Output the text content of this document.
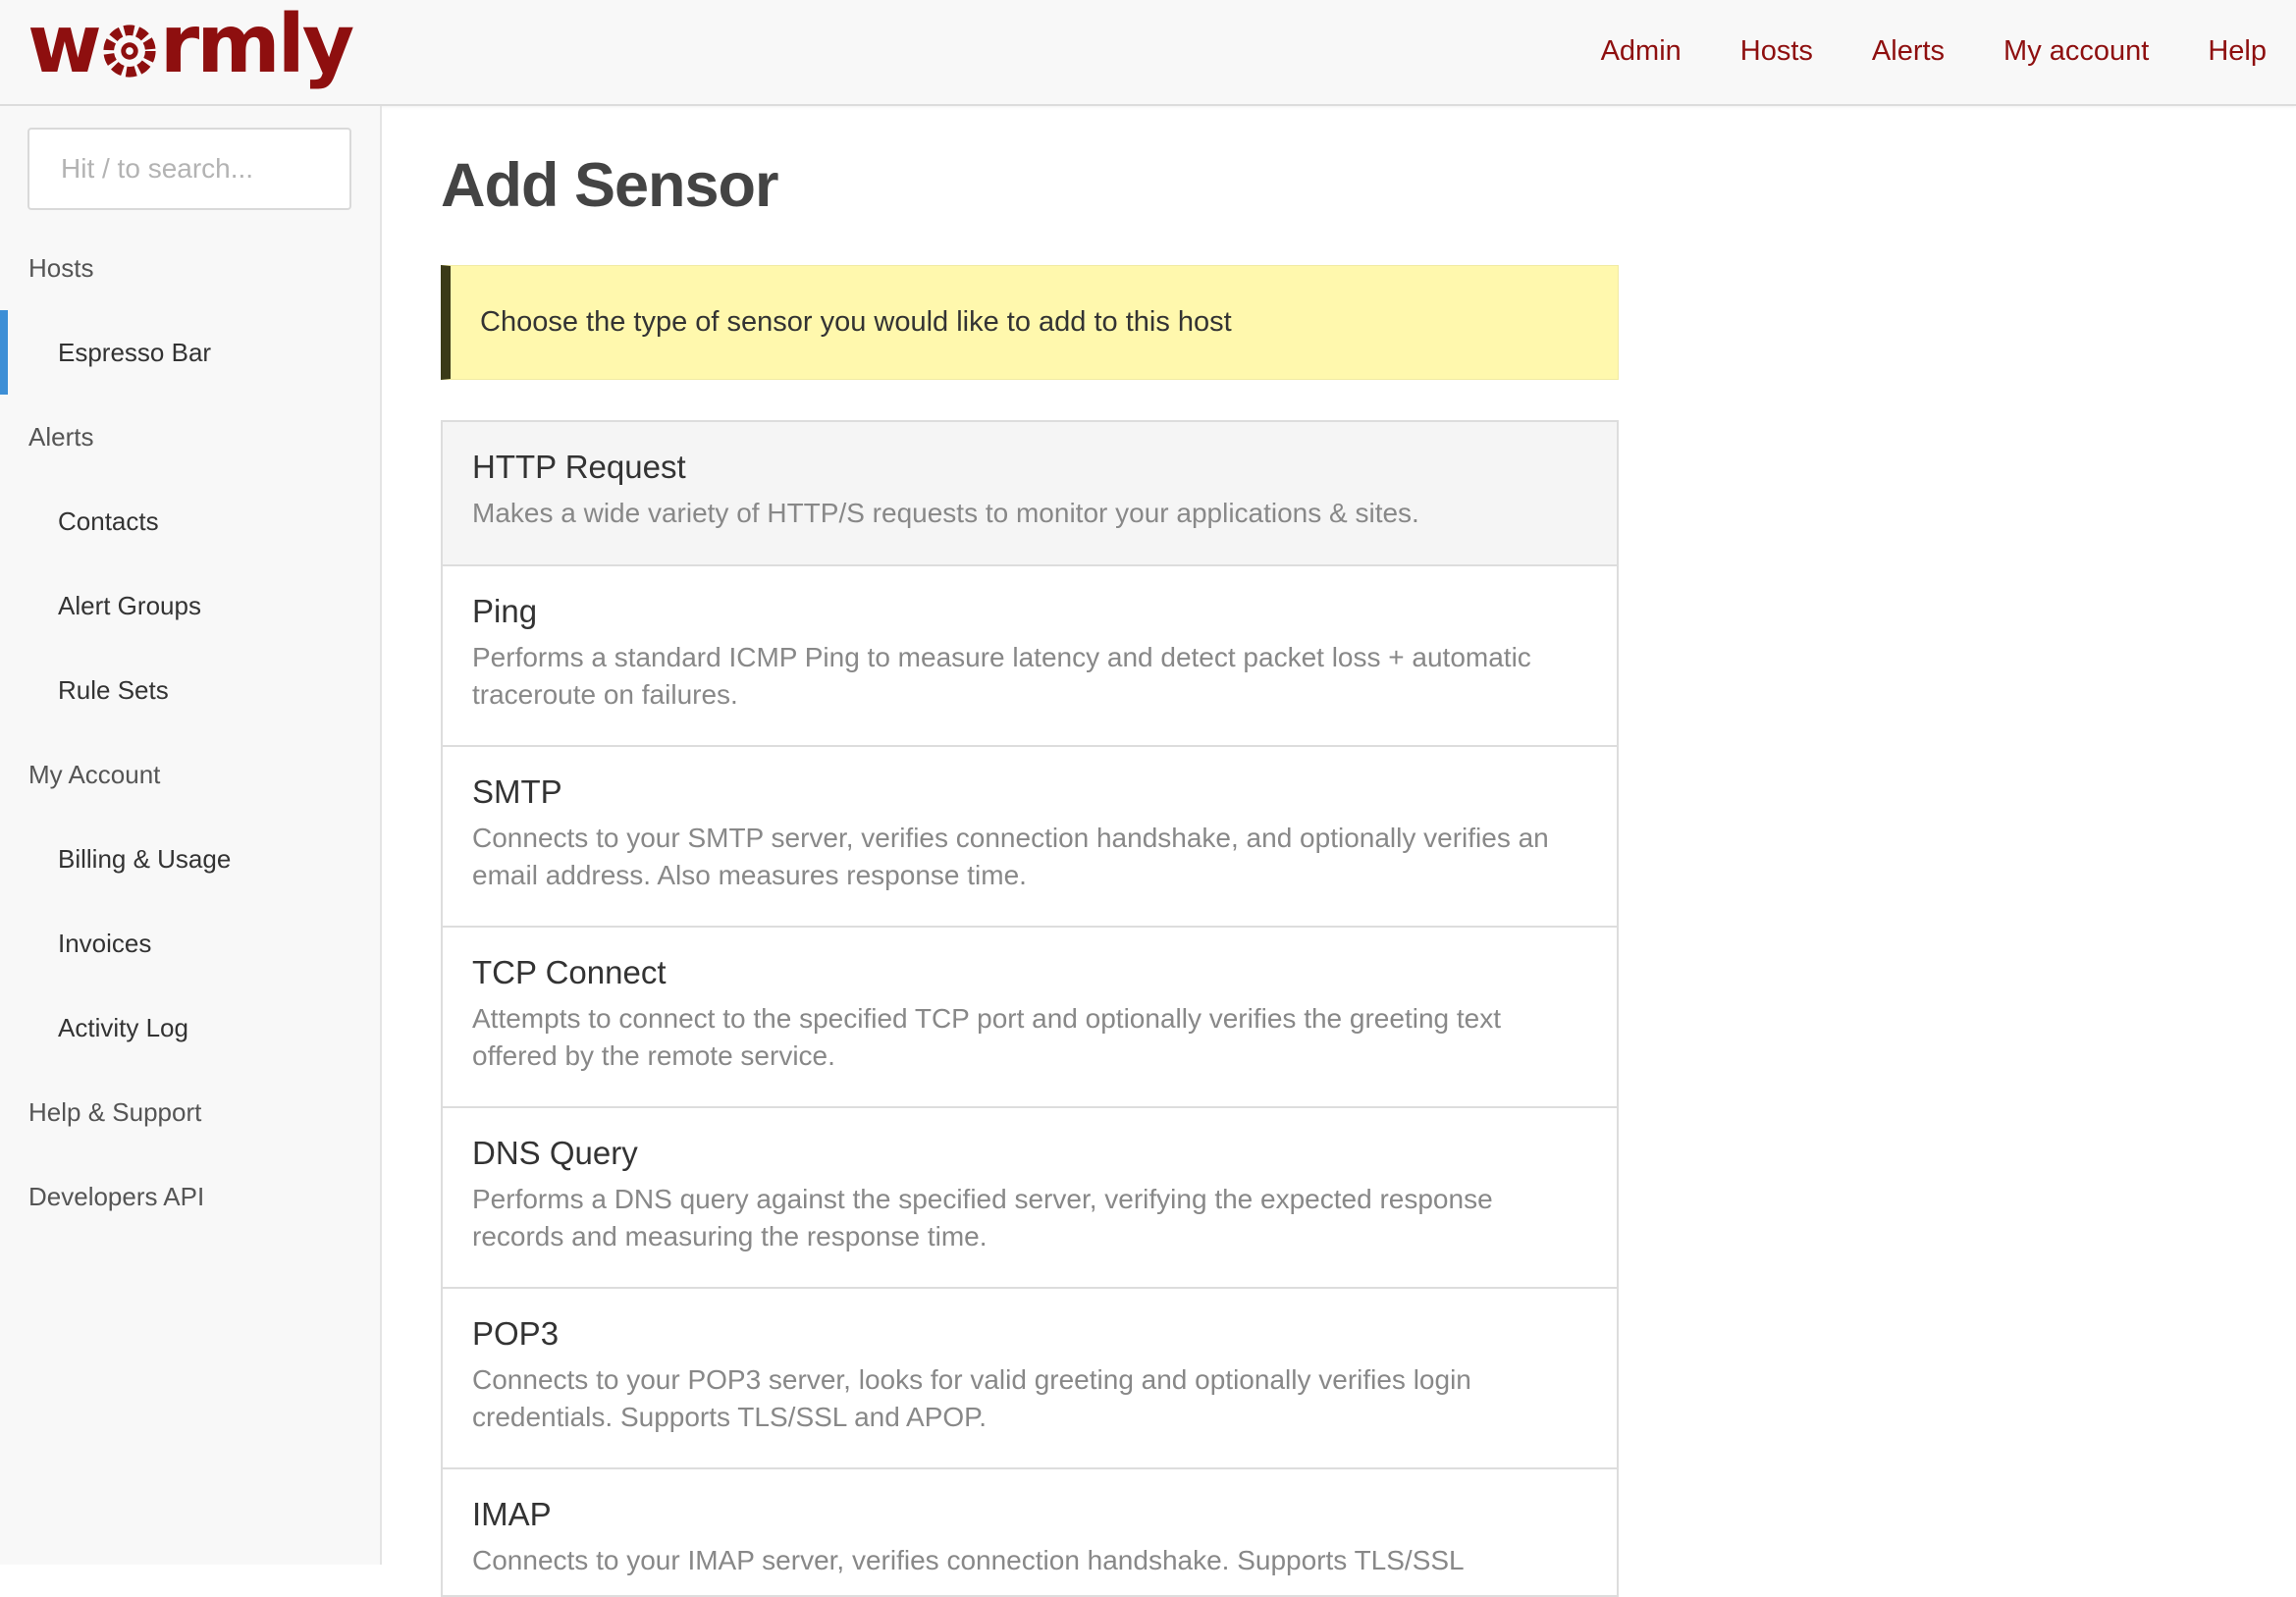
w rmly	Admin	Hosts	Alerts	My account	Help
Hit / to search...
Hosts
Espresso Bar
Alerts
Contacts
Alert Groups
Rule Sets
My Account
Billing & Usage
Invoices
Activity Log
Help & Support
Developers API
Add Sensor
Choose the type of sensor you would like to add to this host
HTTP Request
Makes a wide variety of HTTP/S requests to monitor your applications & sites.
Ping
Performs a standard ICMP Ping to measure latency and detect packet loss + automatic traceroute on failures.
SMTP
Connects to your SMTP server, verifies connection handshake, and optionally verifies an email address. Also measures response time.
TCP Connect
Attempts to connect to the specified TCP port and optionally verifies the greeting text offered by the remote service.
DNS Query
Performs a DNS query against the specified server, verifying the expected response records and measuring the response time.
POP3
Connects to your POP3 server, looks for valid greeting and optionally verifies login credentials. Supports TLS/SSL and APOP.
IMAP
Connects to your IMAP server, verifies connection handshake. Supports TLS/SSL
